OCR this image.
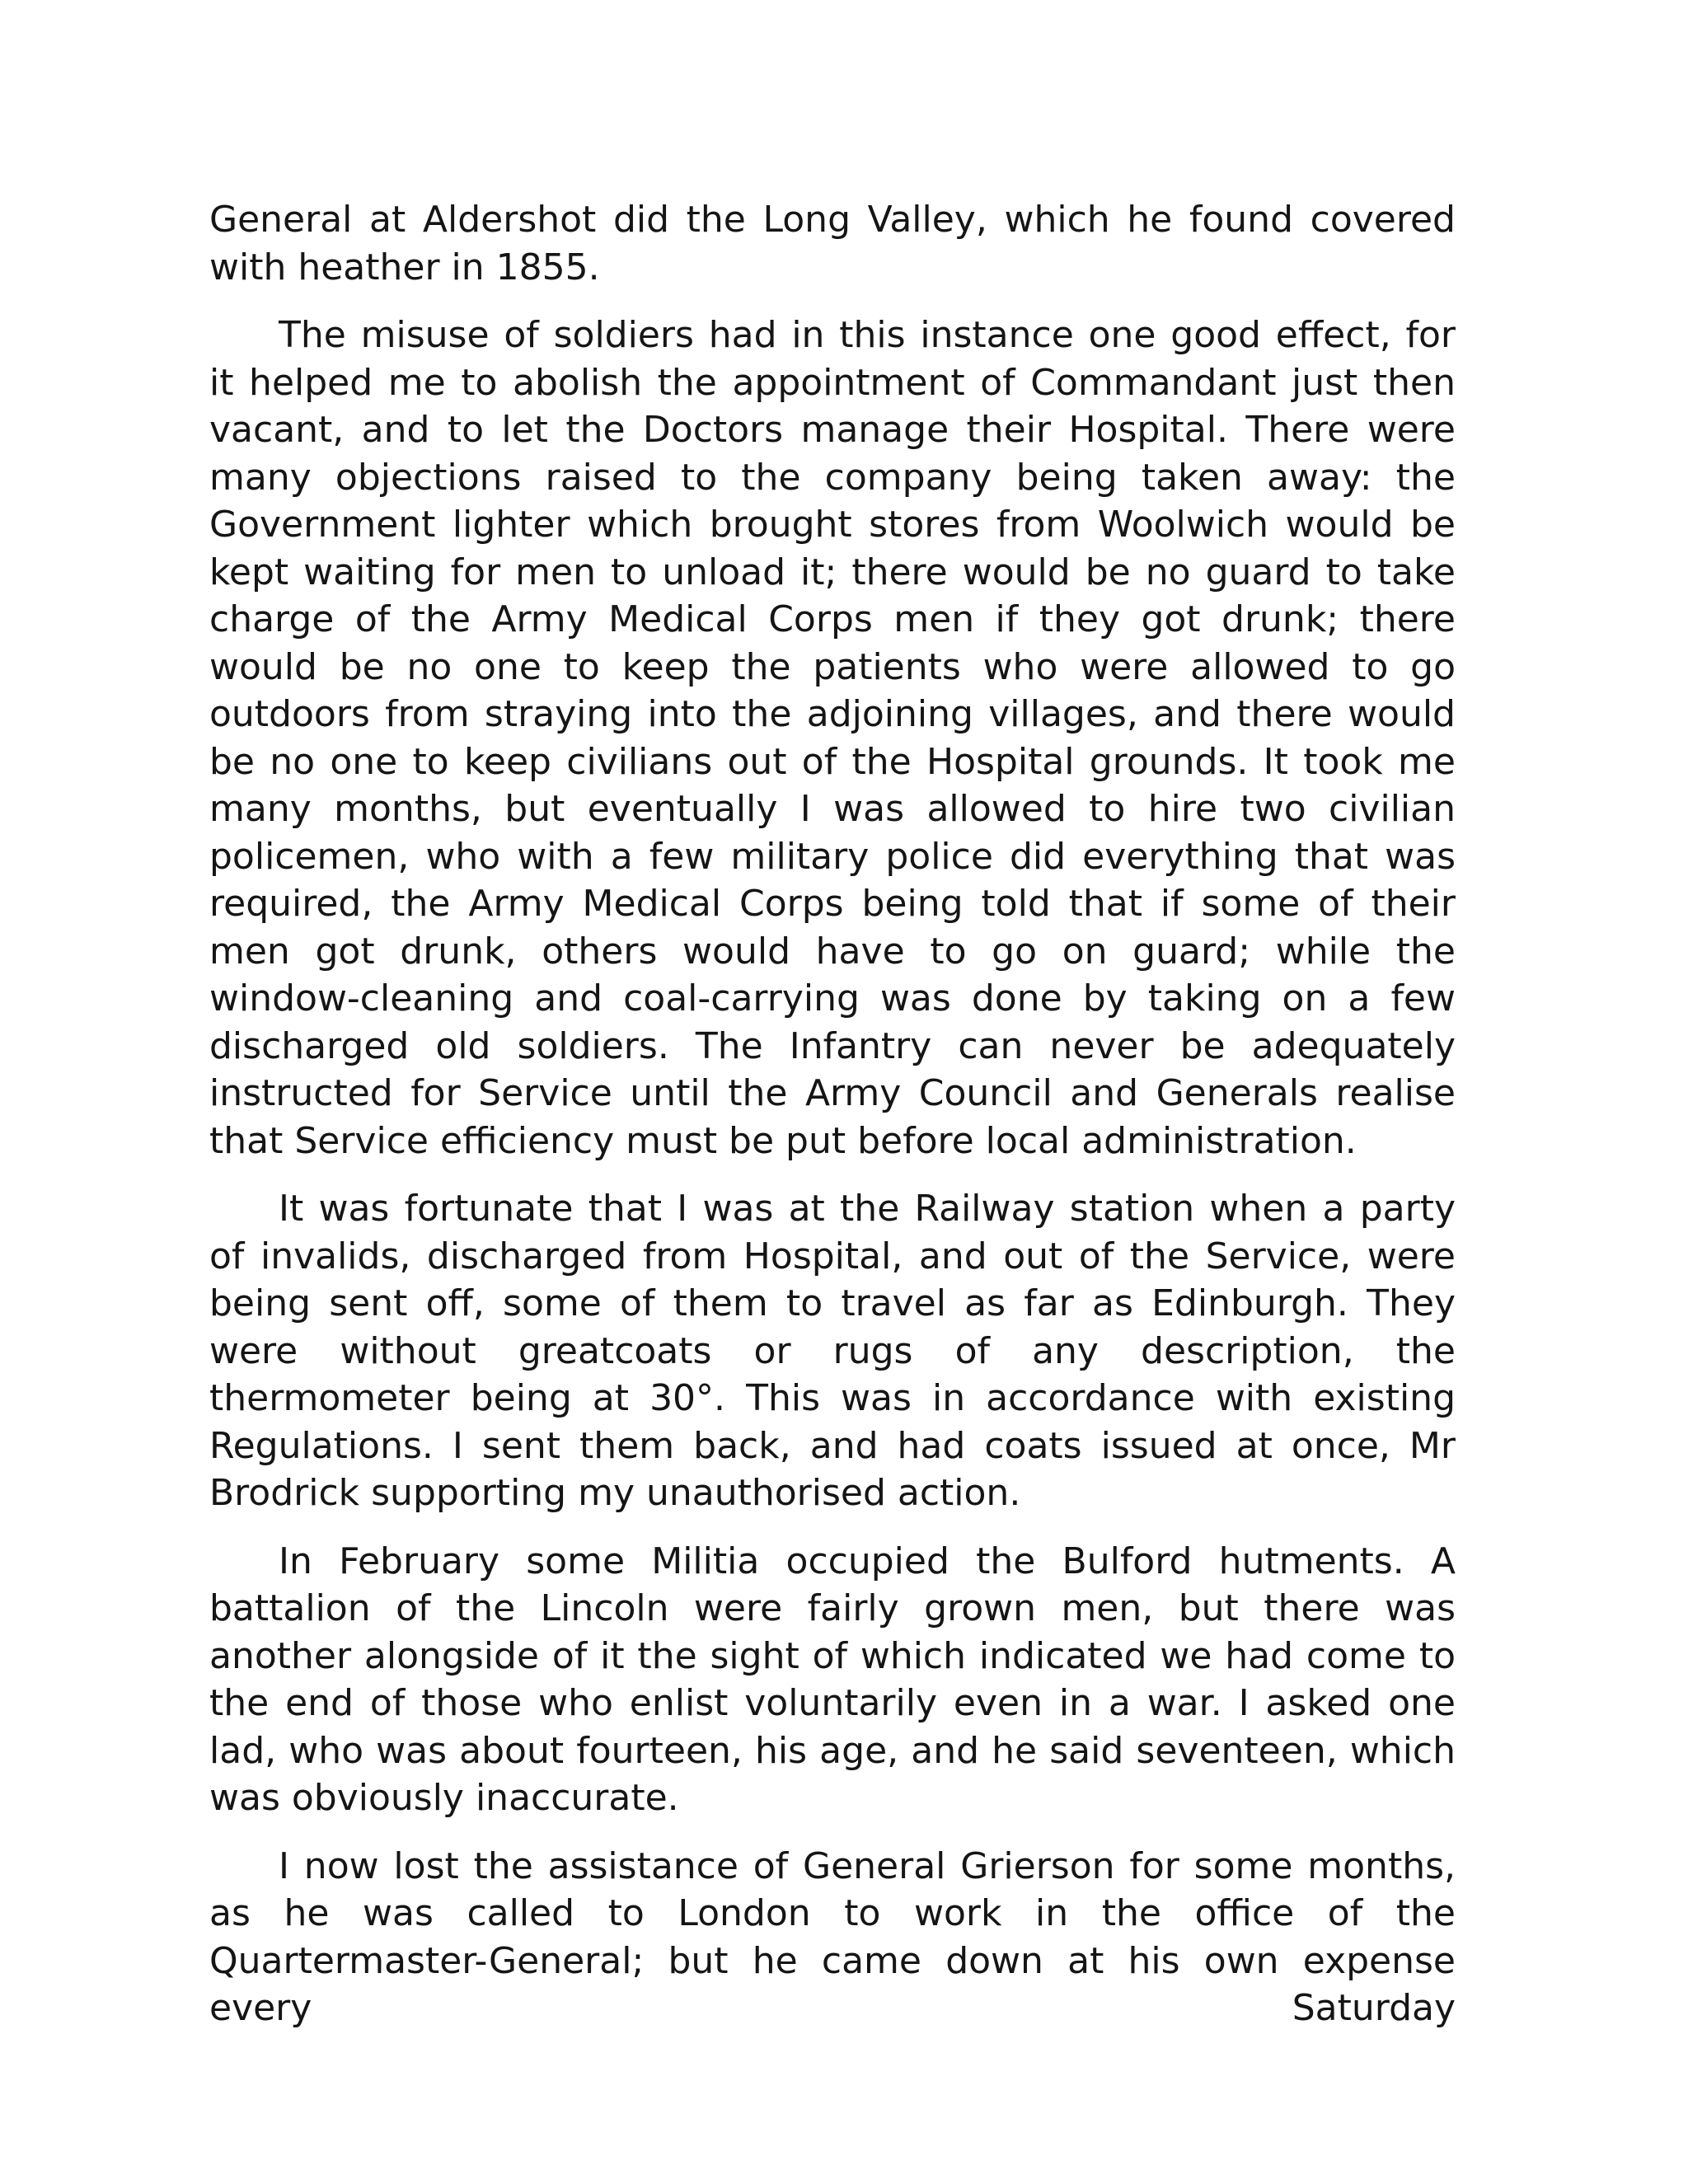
General at Aldershot did the Long Valley, which he found covered with heather in 1855.

The misuse of soldiers had in this instance one good effect, for it helped me to abolish the appointment of Commandant just then vacant, and to let the Doctors manage their Hospital. There were many objections raised to the company being taken away: the Government lighter which brought stores from Woolwich would be kept waiting for men to unload it; there would be no guard to take charge of the Army Medical Corps men if they got drunk; there would be no one to keep the patients who were allowed to go outdoors from straying into the adjoining villages, and there would be no one to keep civilians out of the Hospital grounds. It took me many months, but eventually I was allowed to hire two civilian policemen, who with a few military police did everything that was required, the Army Medical Corps being told that if some of their men got drunk, others would have to go on guard; while the window-cleaning and coal-carrying was done by taking on a few discharged old soldiers. The Infantry can never be adequately instructed for Service until the Army Council and Generals realise that Service efficiency must be put before local administration.

It was fortunate that I was at the Railway station when a party of invalids, discharged from Hospital, and out of the Service, were being sent off, some of them to travel as far as Edinburgh. They were without greatcoats or rugs of any description, the thermometer being at 30°. This was in accordance with existing Regulations. I sent them back, and had coats issued at once, Mr Brodrick supporting my unauthorised action.

In February some Militia occupied the Bulford hutments. A battalion of the Lincoln were fairly grown men, but there was another alongside of it the sight of which indicated we had come to the end of those who enlist voluntarily even in a war. I asked one lad, who was about fourteen, his age, and he said seventeen, which was obviously inaccurate.

I now lost the assistance of General Grierson for some months, as he was called to London to work in the office of the Quartermaster-General; but he came down at his own expense every Saturday
